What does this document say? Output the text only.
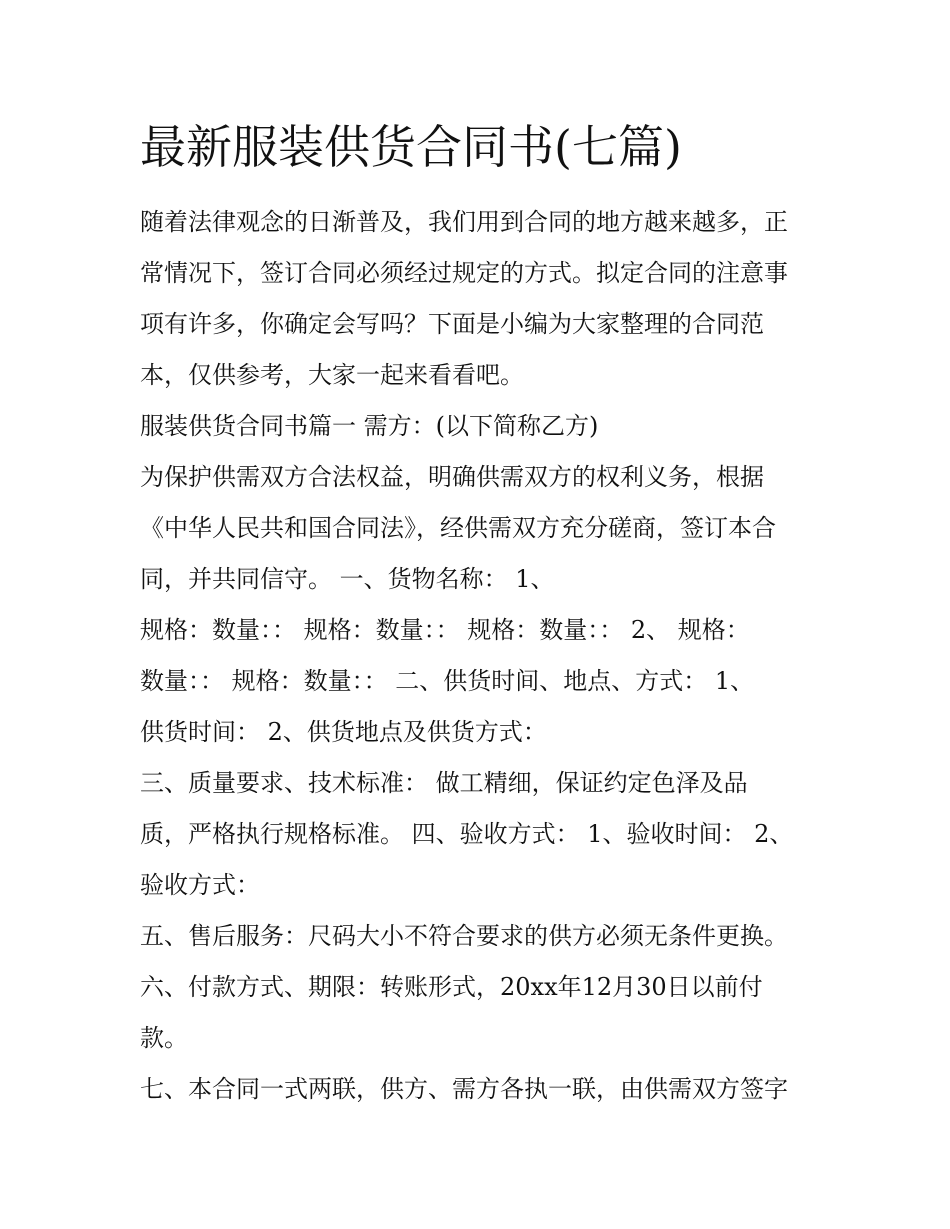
最新服装供货合同书(七篇)
随着法律观念的日渐普及，我们用到合同的地方越来越多，正
常情况下，签订合同必须经过规定的方式。拟定合同的注意事
项有许多，你确定会写吗？下面是小编为大家整理的合同范
本，仅供参考，大家一起来看看吧。
服装供货合同书篇一 需方：(以下简称乙方)
为保护供需双方合法权益，明确供需双方的权利义务，根据
《中华人民共和国合同法》，经供需双方充分磋商，签订本合
同，并共同信守。 一、货物名称： 1、
规格：数量：： 规格：数量：： 规格：数量：： 2、 规格：
数量：： 规格：数量：： 二、供货时间、地点、方式： 1、
供货时间： 2、供货地点及供货方式：
三、质量要求、技术标准： 做工精细，保证约定色泽及品
质，严格执行规格标准。 四、验收方式： 1、验收时间： 2、
验收方式：
五、售后服务：尺码大小不符合要求的供方必须无条件更换。
六、付款方式、期限：转账形式，20xx年12月30日以前付
款。
七、本合同一式两联，供方、需方各执一联，由供需双方签字
